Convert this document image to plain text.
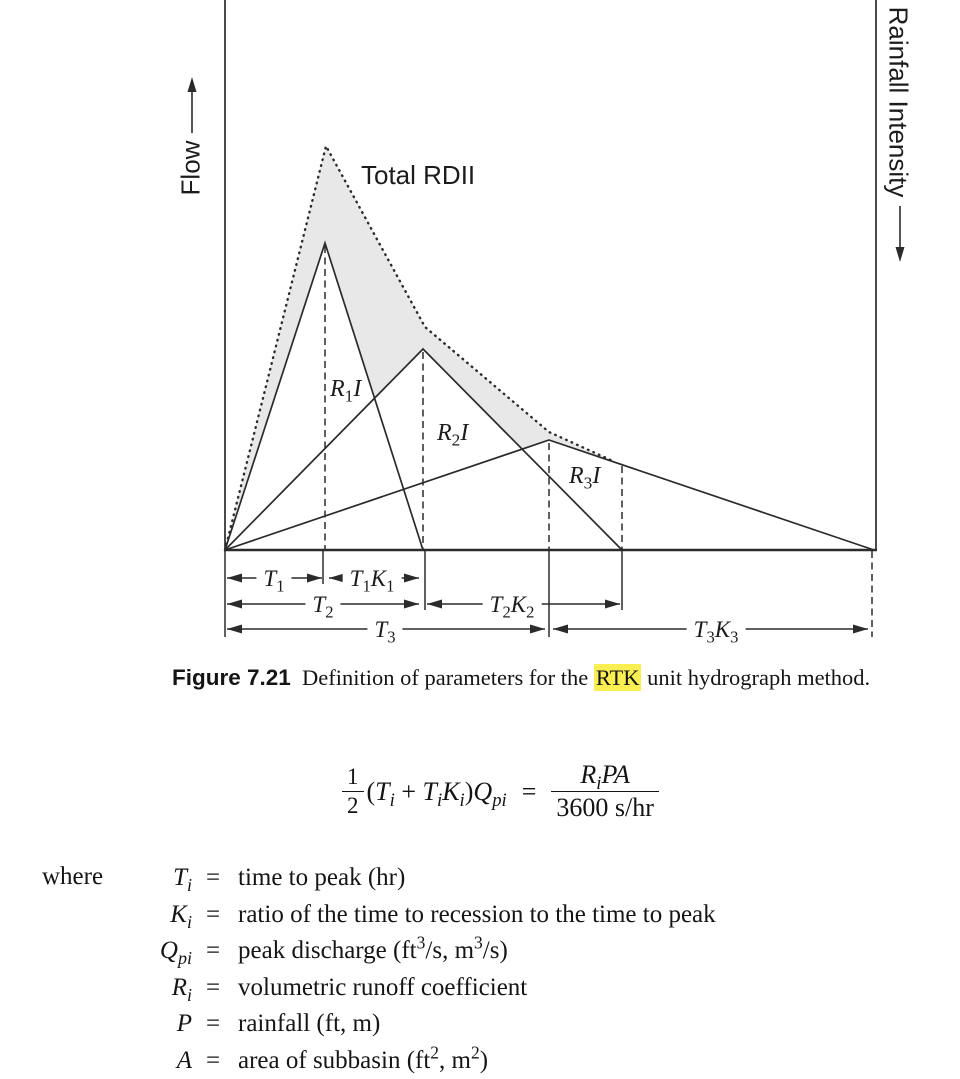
Flow	Rainfall Intensity
Total RDII
$R_1I$
$R_2I$
$R_3I$
$T_1$	$T_1K_1$
$T_2$	$T_2K_2$
$T_3$	$T_3K_3$

Figure 7.21  Definition of parameters for the RTK unit hydrograph method.

$\frac{1}{2} (T_i + T_iK_i)Q_{pi} = \frac{R_iPA}{3600 s/hr}$
where	$T_i$ = time to peak (hr)
$K_i$ = ratio of the time to recession to the time to peak
$Q_{pi}$ = peak discharge ($ft^3/s$, $m^3/s$)
$R_i$ = volumetric runoff coefficient
P = rainfall (ft, m)
A = area of subbasin ($ft^2$, $m^2$)
